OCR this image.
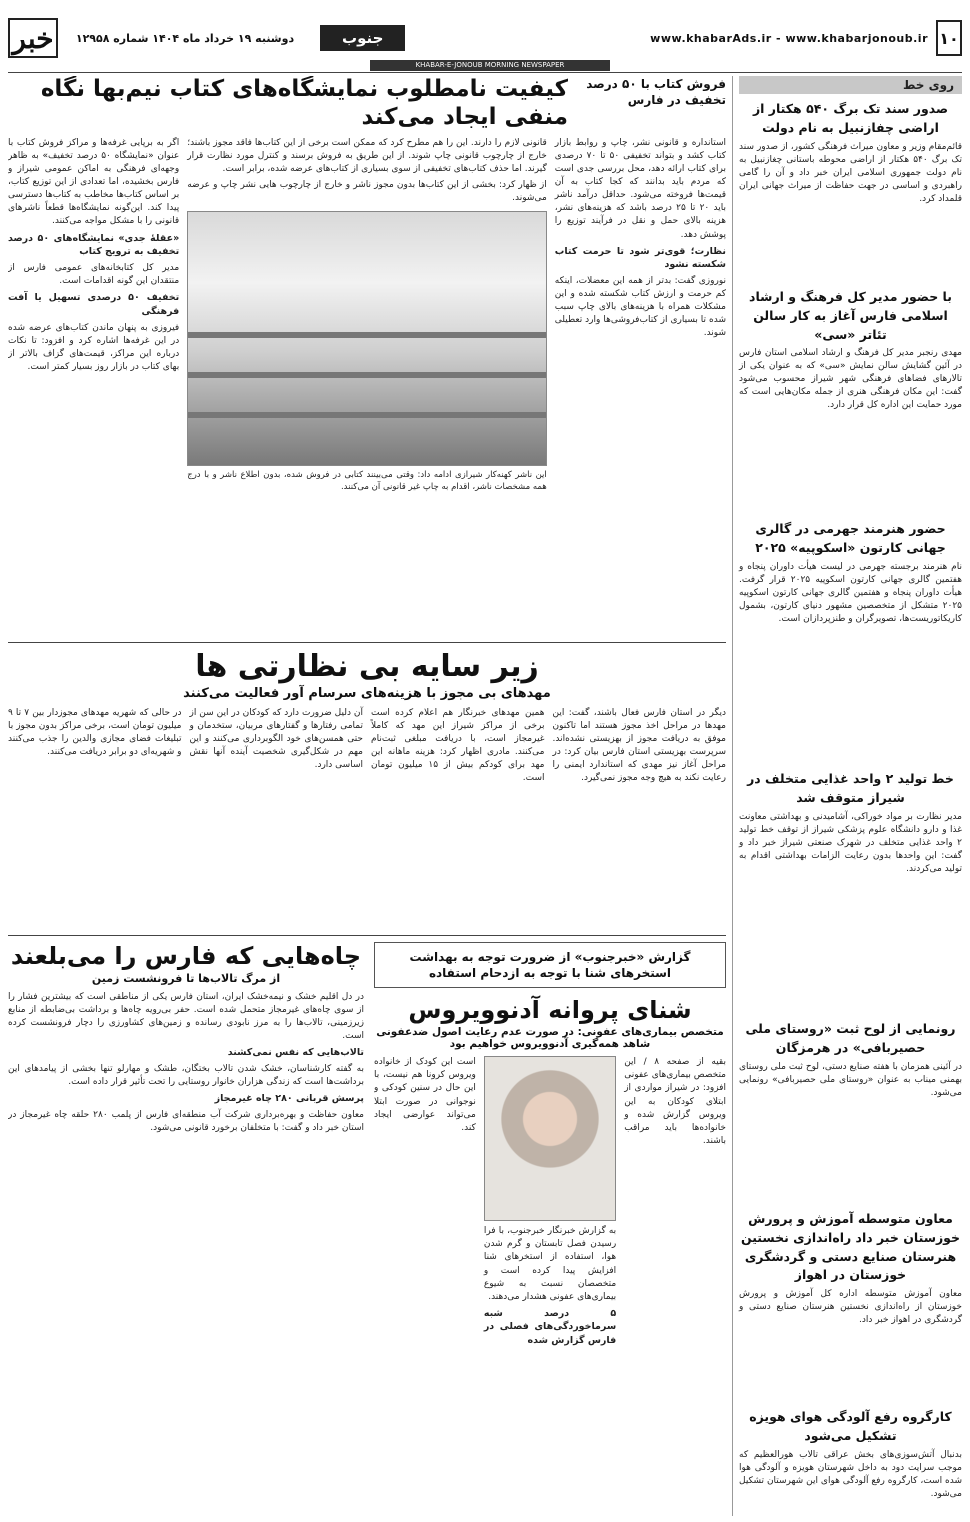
خبر	دوشنبه ۱۹ خرداد ماه ۱۴۰۴ شماره ۱۲۹۵۸	جنوب	www.khabarAds.ir - www.khabarjonoub.ir ۱۰
KHABAR-E-JONOUB MORNING NEWSPAPER
روی خط
صدور سند تک برگ ۵۴۰ هکتار از اراضی چفازنبیل به نام دولت
قائم‌مقام وزیر و معاون میراث فرهنگی کشور، از صدور سند تک برگ ۵۴۰ هکتار از اراضی محوطه باستانی چغازنبیل به نام دولت جمهوری اسلامی ایران خبر داد و آن را گامی راهبردی و اساسی در جهت حفاظت از میراث جهانی ایران قلمداد کرد.
با حضور مدیر کل فرهنگ و ارشاد اسلامی فارس آغاز به کار سالن تئاتر «سی»
مهدی رنجبر مدیر کل فرهنگ و ارشاد اسلامی استان فارس در آئین گشایش سالن نمایش «سی» که به عنوان یکی از تالارهای فضاهای فرهنگی شهر شیراز محسوب می‌شود گفت: این مکان فرهنگی هنری از جمله مکان‌هایی است که مورد حمایت این اداره کل قرار دارد.
حضور هنرمند جهرمی در گالری جهانی کارتون «اسکوپیه» ۲۰۲۵
نام هنرمند برجسته جهرمی در لیست هیأت داوران پنجاه و هفتمین گالری جهانی کارتون اسکوپیه ۲۰۲۵ قرار گرفت. هیأت داوران پنجاه و هفتمین گالری جهانی کارتون اسکوپیه ۲۰۲۵ متشکل از متخصصین مشهور دنیای کارتون، بشمول کاریکاتوریست‌ها، تصویرگران و طنزپردازان است.
خط تولید ۲ واحد غذایی متخلف در شیراز متوقف شد
مدیر نظارت بر مواد خوراکی، آشامیدنی و بهداشتی معاونت غذا و دارو دانشگاه علوم پزشکی شیراز از توقف خط تولید ۲ واحد غذایی متخلف در شهرک صنعتی شیراز خبر داد و گفت: این واحدها بدون رعایت الزامات بهداشتی اقدام به تولید می‌کردند.
رونمایی از لوح ثبت «روستای ملی حصیربافی» در هرمزگان
در آئینی همزمان با هفته صنایع دستی، لوح ثبت ملی روستای بهمنی میناب به عنوان «روستای ملی حصیربافی» رونمایی می‌شود.
معاون متوسطه آموزش و پرورش خوزستان خبر داد راه‌اندازی نخستین هنرستان صنایع دستی و گردشگری خوزستان در اهواز
معاون آموزش متوسطه اداره کل آموزش و پرورش خوزستان از راه‌اندازی نخستین هنرستان صنایع دستی و گردشگری در اهواز خبر داد.
کارگروه رفع آلودگی هوای هویزه تشکیل می‌شود
بدنبال آتش‌سوزی‌های بخش عراقی تالاب هورالعظیم که موجب سرایت دود به داخل شهرستان هویزه و آلودگی هوا شده است، کارگروه رفع آلودگی هوای این شهرستان تشکیل می‌شود.
فروش کتاب با ۵۰ درصد تخفیف در فارس
کیفیت نامطلوب نمایشگاه‌های کتاب نیم‌بها نگاه منفی ایجاد می‌کند

استانداره و قانونی نشر، چاپ و روابط بازار کتاب کشد و بتواند تخفیفی ۵۰ تا ۷۰ درصدی برای کتاب ارائه دهد، محل بررسی جدی است که مردم باید بدانند که کجا کتاب به آن قیمت‌ها فروخته می‌شود. حداقل درآمد ناشر باید ۲۰ تا ۲۵ درصد باشد که هزینه‌های نشر، هزینه بالای حمل و نقل در فرآیند توزیع را پوشش دهد.

نظارت؛ قوی‌تر شود تا حرمت کتاب شکسته نشود

نوروزی گفت: بدتر از همه این معضلات، اینکه کم حرمت و ارزش کتاب شکسته شده و این مشکلات همراه با هزینه‌های بالای چاپ سبب شده تا بسیاری از کتاب‌فروشی‌ها وارد تعطیلی شوند.

قانونی لازم را دارند. این را هم مطرح کرد که ممکن است برخی از این کتاب‌ها فاقد مجوز باشند؛ خارج از چارچوب قانونی چاپ شوند. از این طریق به فروش برسند و کنترل مورد نظارت قرار گیرند. اما حذف کتاب‌های تخفیفی از سوی بسیاری از کتاب‌های عرضه شده، برابر است.

از ظهار کرد: بخشی از این کتاب‌ها بدون مجوز ناشر و خارج از چارچوب هایی نشر چاپ و عرضه می‌شوند.

این ناشر کهنه‌کار شیرازی ادامه داد: وقتی می‌بینند کتابی در فروش شده، بدون اطلاع ناشر و با درج همه مشخصات ناشر، اقدام به چاپ غیر قانونی آن می‌کنند.

اگر به برپایی غرفه‌ها و مراکز فروش کتاب با عنوان «نمایشگاه ۵۰ درصد تخفیف» به ظاهر وجهه‌ای فرهنگی به اماکن عمومی شیراز و فارس بخشیده، اما تعدادی از این توزیع کتاب، بر اساس کتاب‌ها مخاطب به کتاب‌ها دسترسی پیدا کند. این‌گونه نمایشگاه‌ها قطعاً ناشرهای قانونی را با مشکل مواجه می‌کنند.

«عقلهٔ جدی» نمایشگاه‌های ۵۰ درصد تخفیف به ترویج کتاب

مدیر کل کتابخانه‌های عمومی فارس از منتقدان این گونه اقدامات است.

تخفیف ۵۰ درصدی تسهیل یا آفت فرهنگی

فیروزی به پنهان ماندن کتاب‌های عرضه شده در این غرفه‌ها اشاره کرد و افزود: تا نکات درباره این مراکز، قیمت‌های گزاف بالاتر از بهای کتاب در بازار روز بسیار کمتر است.

زیر سایه بی نظارتی ها
مهدهای بی مجوز با هزینه‌های سرسام آور فعالیت می‌کنند
دیگر در استان فارس فعال باشند، گفت: این مهدها در مراحل اخذ مجوز هستند اما تاکنون موفق به دریافت مجوز از بهزیستی نشده‌اند. سرپرست بهزیستی استان فارس بیان کرد: در مراحل آغاز نیز مهدی که استاندارد ایمنی را رعایت نکند به هیچ وجه مجوز نمی‌گیرد.
همین مهدهای خبرنگار هم اعلام کرده است برخی از مراکز شیراز این مهد که کاملاً غیرمجاز است، با دریافت مبلغی ثبت‌نام می‌کنند. مادری اظهار کرد: هزینه ماهانه این مهد برای کودکم بیش از ۱۵ میلیون تومان است.
آن دلیل ضرورت دارد که کودکان در این سن از تمامی رفتارها و گفتارهای مربیان، ستخدمان و حتی همسن‌های خود الگوبرداری می‌کنند و این مهم در شکل‌گیری شخصیت آینده آنها نقش اساسی دارد.
در حالی که شهریه مهدهای مجوزدار بین ۷ تا ۹ میلیون تومان است، برخی مراکز بدون مجوز با تبلیغات فضای مجازی والدین را جذب می‌کنند و شهریه‌ای دو برابر دریافت می‌کنند.
چاه‌هایی که فارس را می‌بلعند
از مرگ تالاب‌ها تا فرونشست زمین

در دل اقلیم خشک و نیمه‌خشک ایران، استان فارس یکی از مناطقی است که بیشترین فشار را از سوی چاه‌های غیرمجاز متحمل شده است. حفر بی‌رویه چاه‌ها و برداشت بی‌ضابطه از منابع زیرزمینی، تالاب‌ها را به مرز نابودی رسانده و زمین‌های کشاورزی را دچار فرونشست کرده است.

تالاب‌هایی که نفس نمی‌کشند

به گفته کارشناسان، خشک شدن تالاب بختگان، طشک و مهارلو تنها بخشی از پیامدهای این برداشت‌ها است که زندگی هزاران خانوار روستایی را تحت تأثیر قرار داده است.

پرسش قربانی ۲۸۰ چاه غیرمجاز

معاون حفاظت و بهره‌برداری شرکت آب منطقه‌ای فارس از پلمب ۲۸۰ حلقه چاه غیرمجاز در استان خبر داد و گفت: با متخلفان برخورد قانونی می‌شود.

گزارش «خبرجنوب» از ضرورت توجه به بهداشت استخرهای شنا با توجه به ازدحام استفاده
شنای پروانه آدنوویروس
متخصص بیماری‌های عفونی: در صورت عدم رعایت اصول ضدعفونی شاهد همه‌گیری آدنوویروس خواهیم بود
بقیه از صفحه ۸ / این متخصص بیماری‌های عفونی افزود: در شیراز مواردی از ابتلای کودکان به این ویروس گزارش شده و خانواده‌ها باید مراقب باشند.

به گزارش خبرنگار خبرجنوب، با فرا رسیدن فصل تابستان و گرم شدن هوا، استفاده از استخرهای شنا افزایش پیدا کرده است و متخصصان نسبت به شیوع بیماری‌های عفونی هشدار می‌دهند.

۵ درصد شبه سرماخوردگی‌های فصلی در فارس گزارش شده
است این کودک از خانواده ویروس کرونا هم نیست، با این حال در سنین کودکی و نوجوانی در صورت ابتلا می‌تواند عوارضی ایجاد کند.
